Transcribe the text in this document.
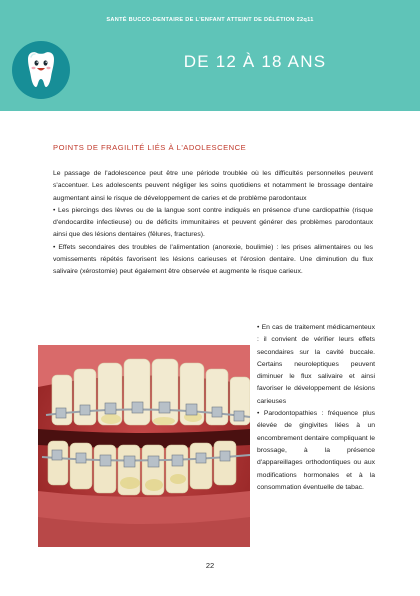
SANTÉ BUCCO-DENTAIRE DE L'ENFANT ATTEINT DE DÉLÉTION 22q11
DE 12 À 18 ANS
POINTS DE FRAGILITÉ LIÉS À L'ADOLESCENCE

Le passage de l'adolescence peut être une période troublée où les difficultés personnelles peuvent s'accentuer. Les adolescents peuvent négliger les soins quotidiens et notamment le brossage dentaire augmentant ainsi le risque de développement de caries et de problème parodontaux

• Les piercings des lèvres ou de la langue sont contre indiqués en présence d'une cardiopathie (risque d'endocardite infectieuse) ou de déficits immunitaires et peuvent générer des problèmes parodontaux ainsi que des lésions dentaires (fêlures, fractures).

• Effets secondaires des troubles de l'alimentation (anorexie, boulimie) : les prises alimentaires ou les vomissements répétés favorisent les lésions carieuses et l'érosion dentaire. Une diminution du flux salivaire (xérostomie) peut également être observée et augmente le risque carieux.

• En cas de traitement médicamenteux : il convient de vérifier leurs effets secondaires sur la cavité buccale. Certains neuroleptiques peuvent diminuer le flux salivaire et ainsi favoriser le développement de lésions carieuses

• Parodontopathies : fréquence plus élevée de gingivites liées à un encombrement dentaire compliquant le brossage, à la présence d'appareillages orthodontiques ou aux modifications hormonales et à la consommation éventuelle de tabac.

22
